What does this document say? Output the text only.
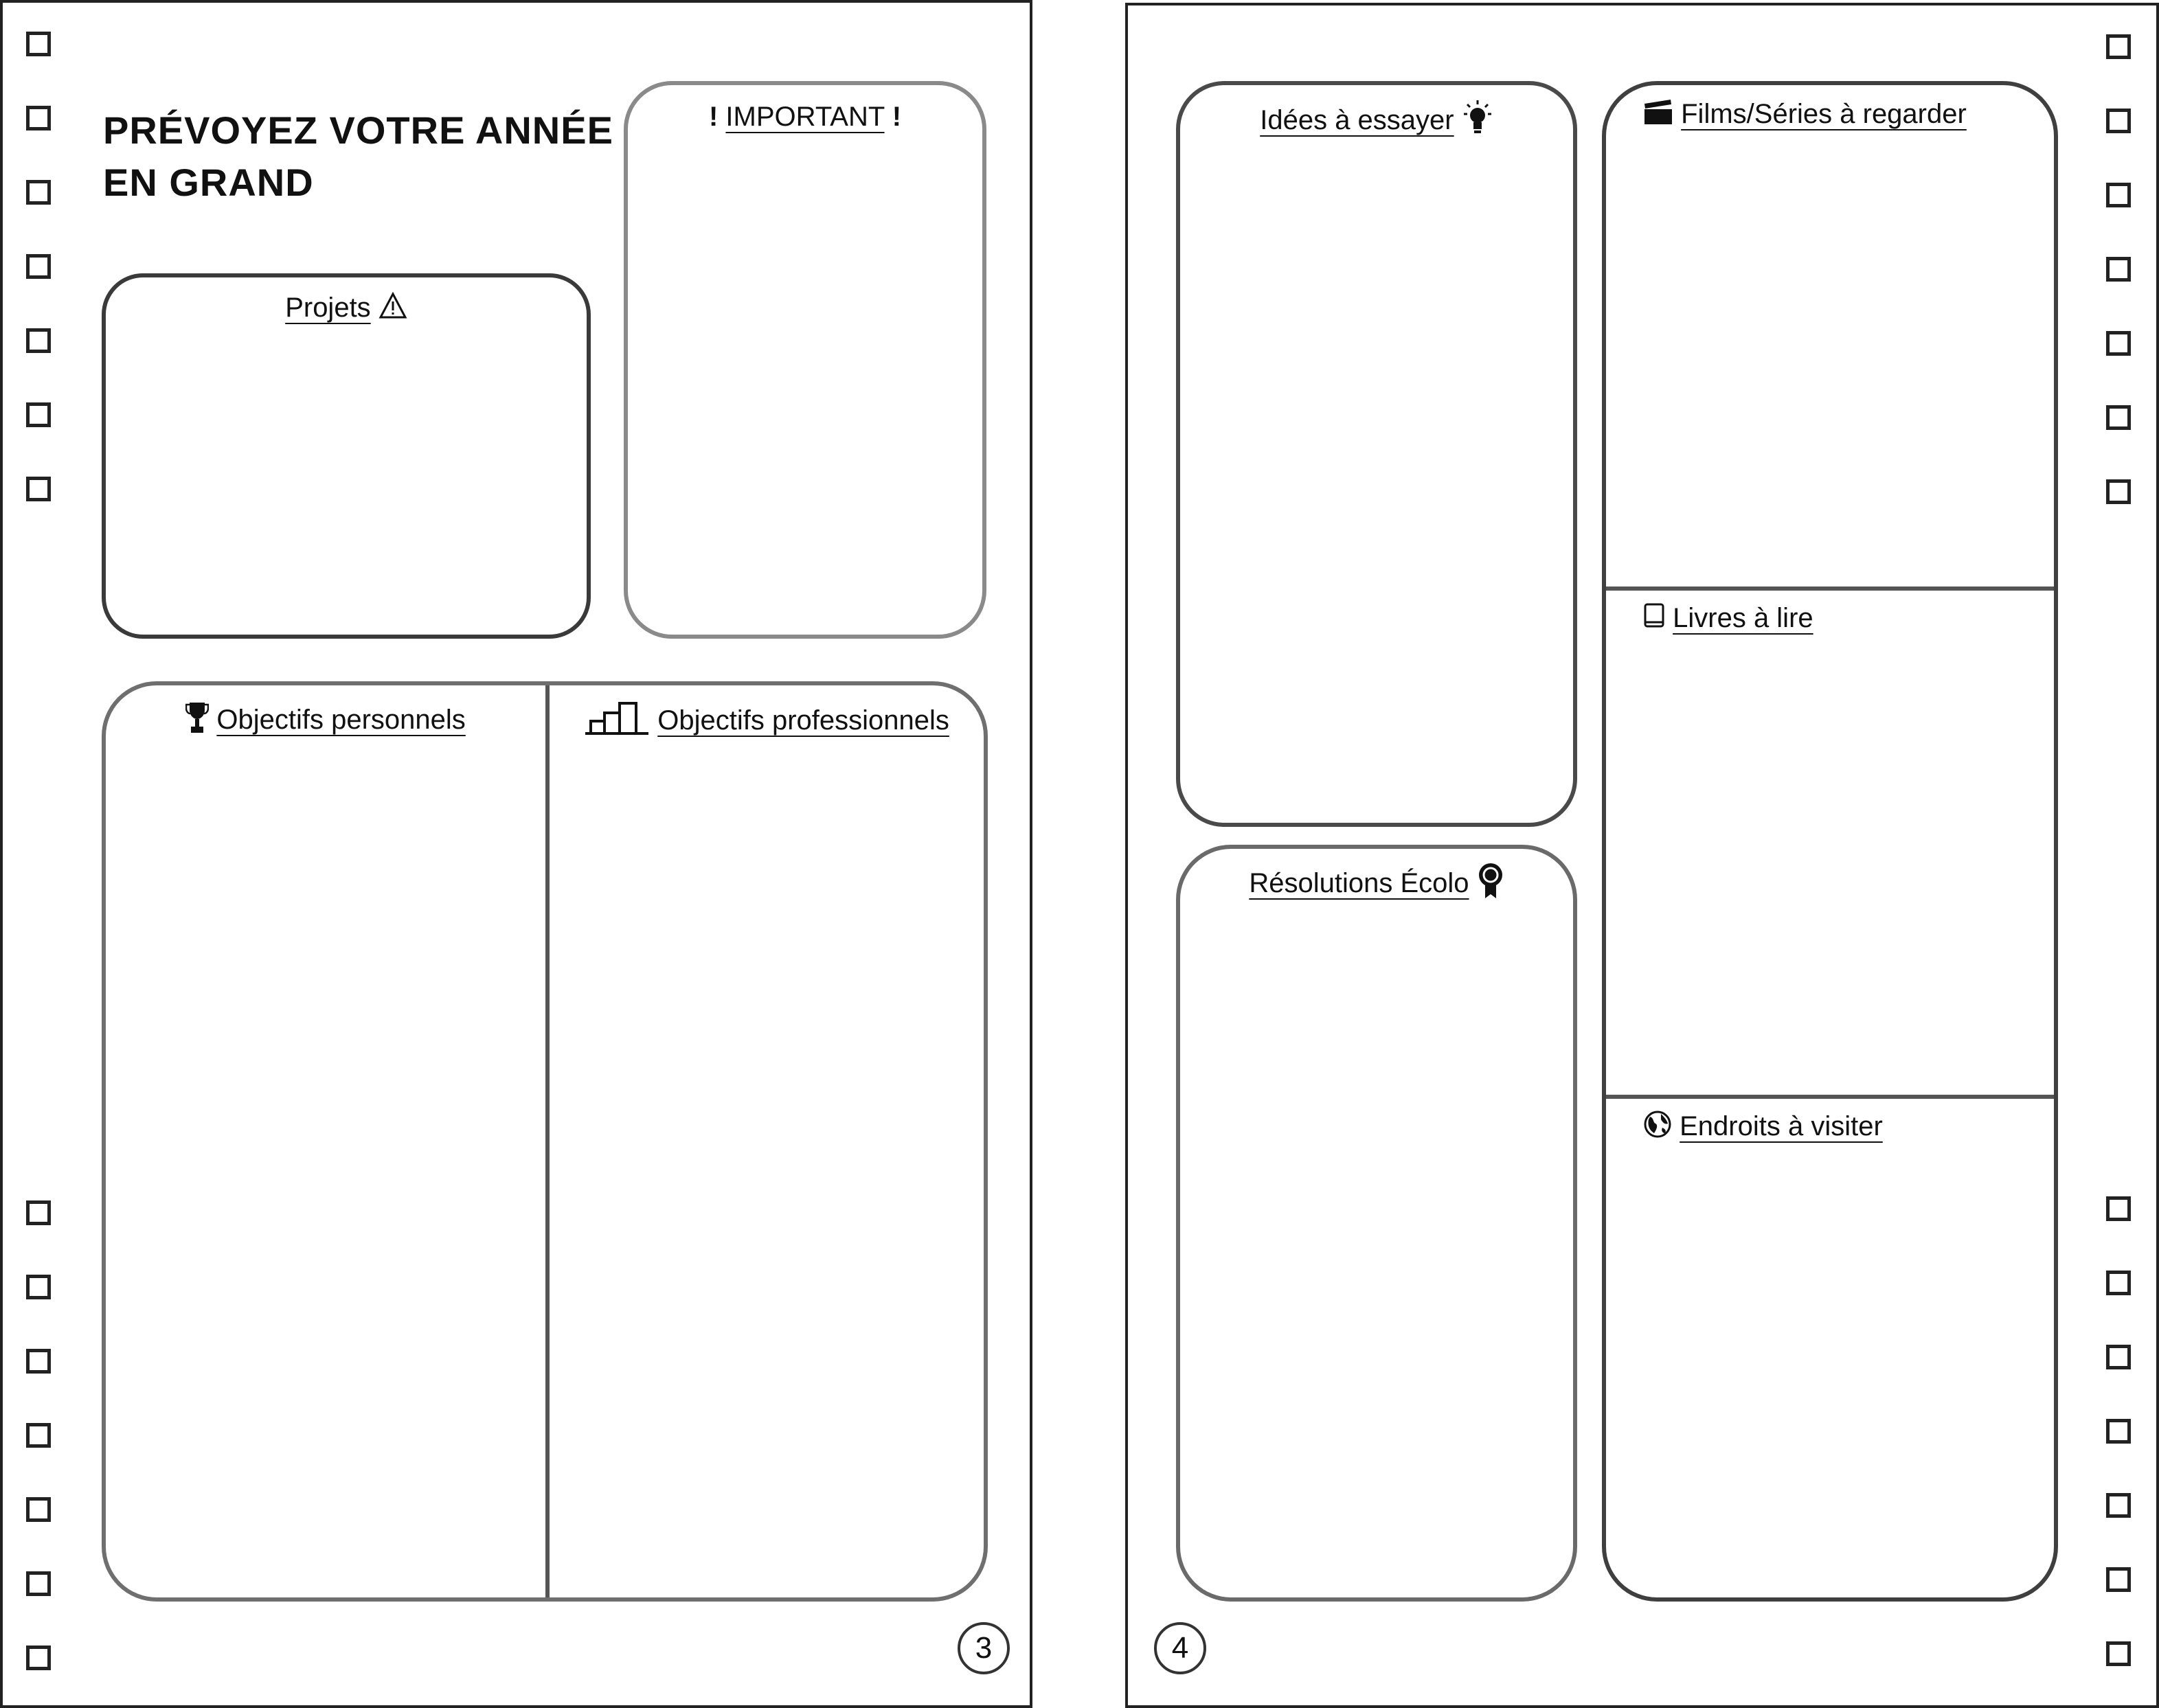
PRÉVOYEZ VOTRE ANNÉE
EN GRAND
Projets
! IMPORTANT !
Objectifs personnels	Objectifs professionnels
3
Idées à essayer
Résolutions Écolo
Films/Séries à regarder
Livres à lire
Endroits à visiter
4
